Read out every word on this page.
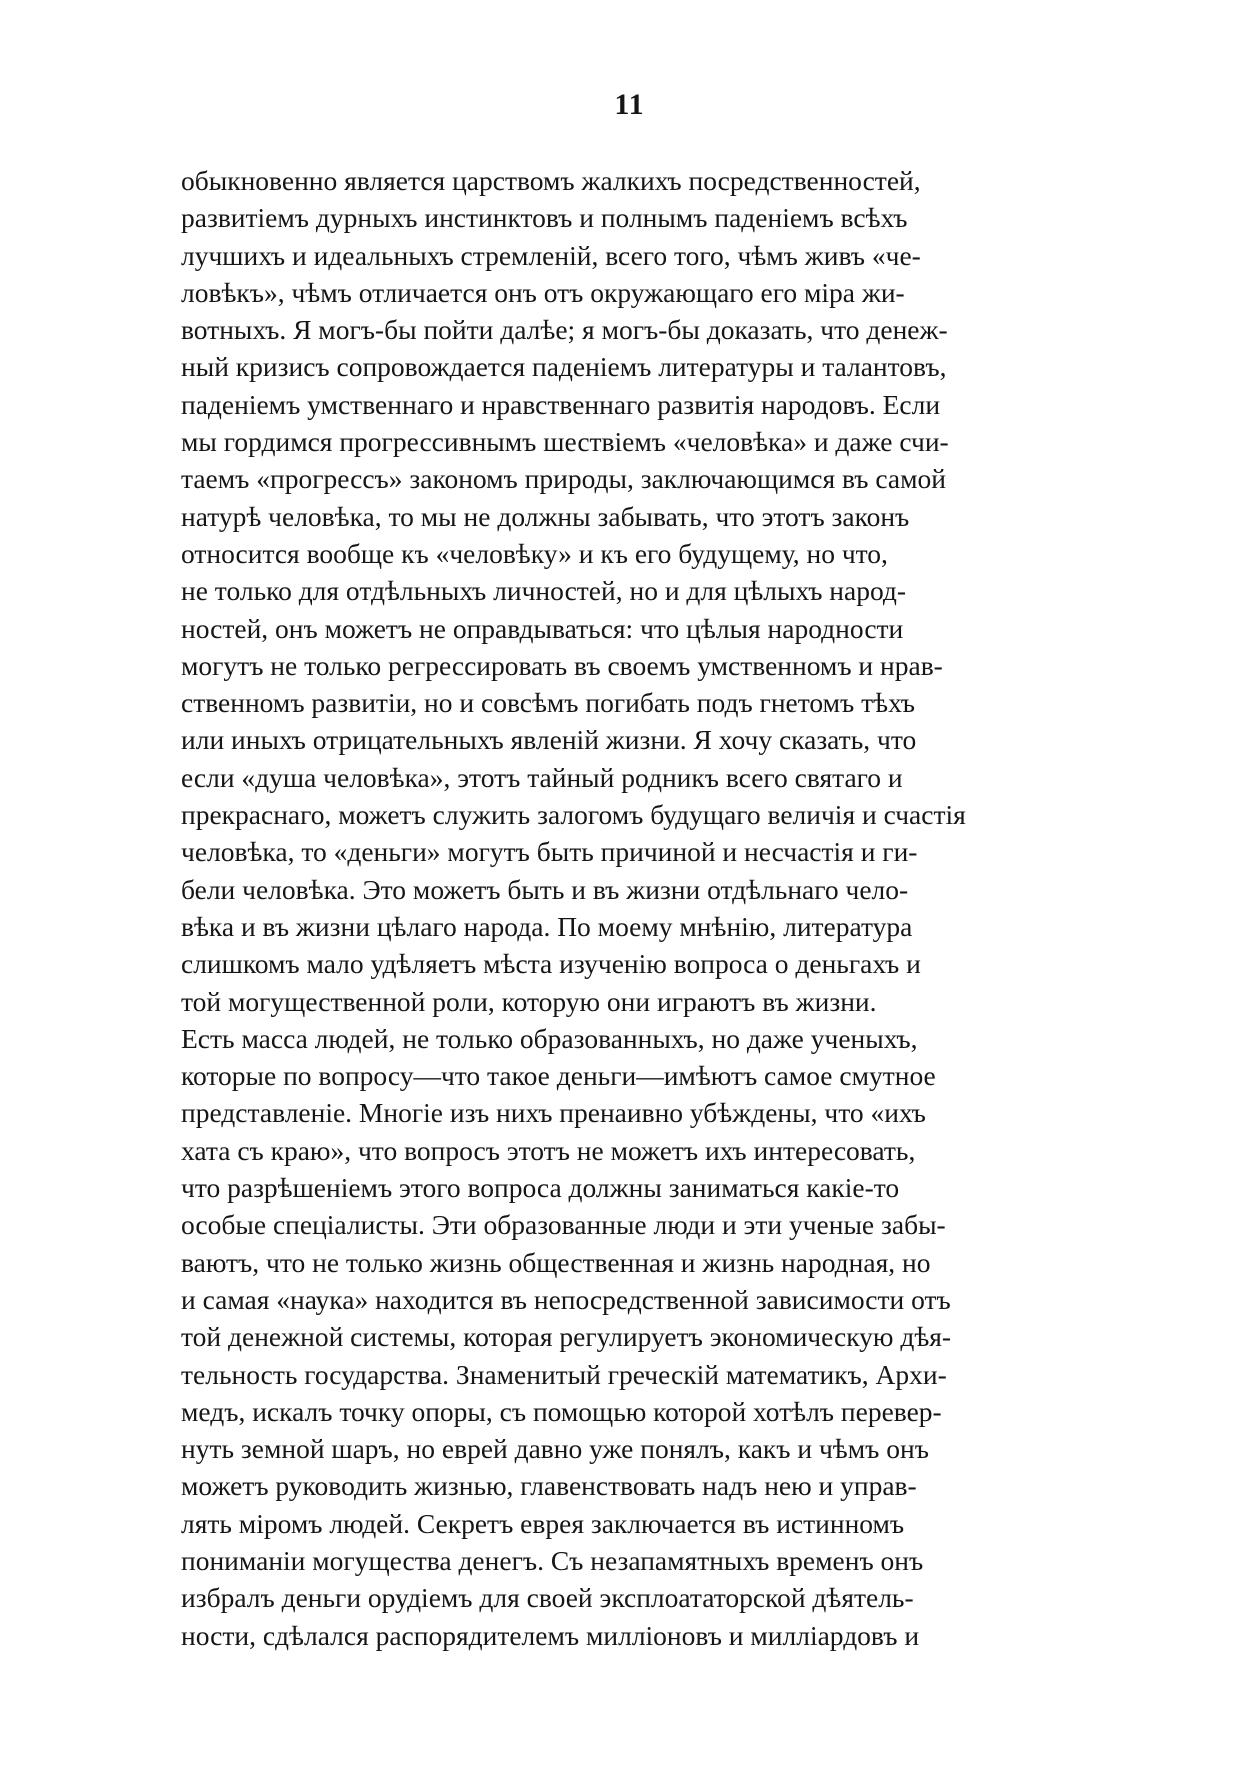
11
обыкновенно является царствомъ жалкихъ посредственностей,
развитіемъ дурныхъ инстинктовъ и полнымъ паденіемъ всѣхъ
лучшихъ и идеальныхъ стремленій, всего того, чѣмъ живъ «че-
ловѣкъ», чѣмъ отличается онъ отъ окружающаго его міра жи-
вотныхъ. Я могъ-бы пойти далѣе; я могъ-бы доказать, что денеж-
ный кризисъ сопровождается паденіемъ литературы и талантовъ,
паденіемъ умственнаго и нравственнаго развитія народовъ. Если
мы гордимся прогрессивнымъ шествіемъ «человѣка» и даже счи-
таемъ «прогрессъ» закономъ природы, заключающимся въ самой
натурѣ человѣка, то мы не должны забывать, что этотъ законъ
относится вообще къ «человѣку» и къ его будущему, но что,
не только для отдѣльныхъ личностей, но и для цѣлыхъ народ-
ностей, онъ можетъ не оправдываться: что цѣлыя народности
могутъ не только регрессировать въ своемъ умственномъ и нрав-
ственномъ развитіи, но и совсѣмъ погибать подъ гнетомъ тѣхъ
или иныхъ отрицательныхъ явленій жизни. Я хочу сказать, что
если «душа человѣка», этотъ тайный родникъ всего святаго и
прекраснаго, можетъ служить залогомъ будущаго величія и счастія
человѣка, то «деньги» могутъ быть причиной и несчастія и ги-
бели человѣка. Это можетъ быть и въ жизни отдѣльнаго чело-
вѣка и въ жизни цѣлаго народа. По моему мнѣнію, литература
слишкомъ мало удѣляетъ мѣста изученію вопроса о деньгахъ и
той могущественной роли, которую они играютъ въ жизни.
Есть масса людей, не только образованныхъ, но даже ученыхъ,
которые по вопросу—что такое деньги—имѣютъ самое смутное
представленіе. Многіе изъ нихъ пренаивно убѣждены, что «ихъ
хата съ краю», что вопросъ этотъ не можетъ ихъ интересовать,
что разрѣшеніемъ этого вопроса должны заниматься какіе-то
особые спеціалисты. Эти образованные люди и эти ученые забы-
ваютъ, что не только жизнь общественная и жизнь народная, но
и самая «наука» находится въ непосредственной зависимости отъ
той денежной системы, которая регулируетъ экономическую дѣя-
тельность государства. Знаменитый греческій математикъ, Архи-
медъ, искалъ точку опоры, съ помощью которой хотѣлъ перевер-
нуть земной шаръ, но еврей давно уже понялъ, какъ и чѣмъ онъ
можетъ руководить жизнью, главенствовать надъ нею и управ-
лять міромъ людей. Секретъ еврея заключается въ истинномъ
пониманіи могущества денегъ. Съ незапамятныхъ временъ онъ
избралъ деньги орудіемъ для своей эксплоататорской дѣятель-
ности, сдѣлался распорядителемъ милліоновъ и милліардовъ и
